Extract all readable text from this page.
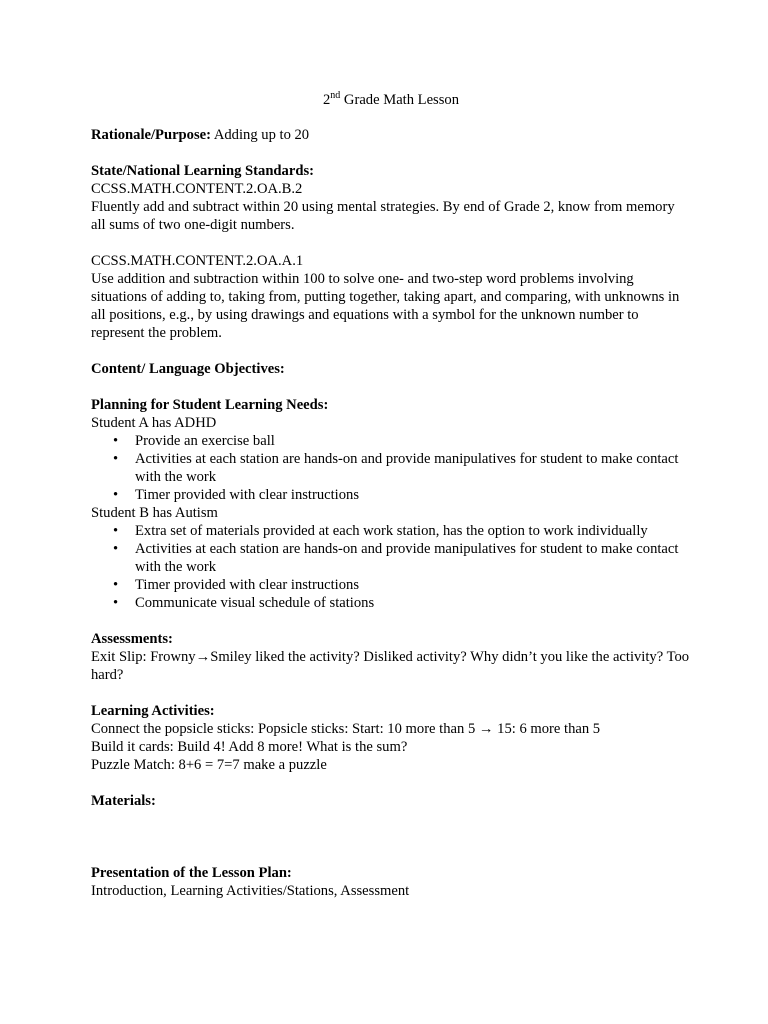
2nd Grade Math Lesson

Rationale/Purpose: Adding up to 20

State/National Learning Standards:

CCSS.MATH.CONTENT.2.OA.B.2

Fluently add and subtract within 20 using mental strategies. By end of Grade 2, know from memory all sums of two one-digit numbers.

CCSS.MATH.CONTENT.2.OA.A.1

Use addition and subtraction within 100 to solve one- and two-step word problems involving situations of adding to, taking from, putting together, taking apart, and comparing, with unknowns in all positions, e.g., by using drawings and equations with a symbol for the unknown number to represent the problem.

Content/ Language Objectives:

Planning for Student Learning Needs:

Student A has ADHD

• Provide an exercise ball
• Activities at each station are hands-on and provide manipulatives for student to make contact with the work
• Timer provided with clear instructions

Student B has Autism

• Extra set of materials provided at each work station, has the option to work individually
• Activities at each station are hands-on and provide manipulatives for student to make contact with the work
• Timer provided with clear instructions
• Communicate visual schedule of stations

Assessments:

Exit Slip: Frowny→Smiley liked the activity? Disliked activity? Why didn’t you like the activity? Too hard?

Learning Activities:

Connect the popsicle sticks: Popsicle sticks: Start: 10 more than 5 → 15: 6 more than 5

Build it cards: Build 4! Add 8 more! What is the sum?

Puzzle Match: 8+6 = 7=7 make a puzzle

Materials:

Presentation of the Lesson Plan:

Introduction, Learning Activities/Stations, Assessment
